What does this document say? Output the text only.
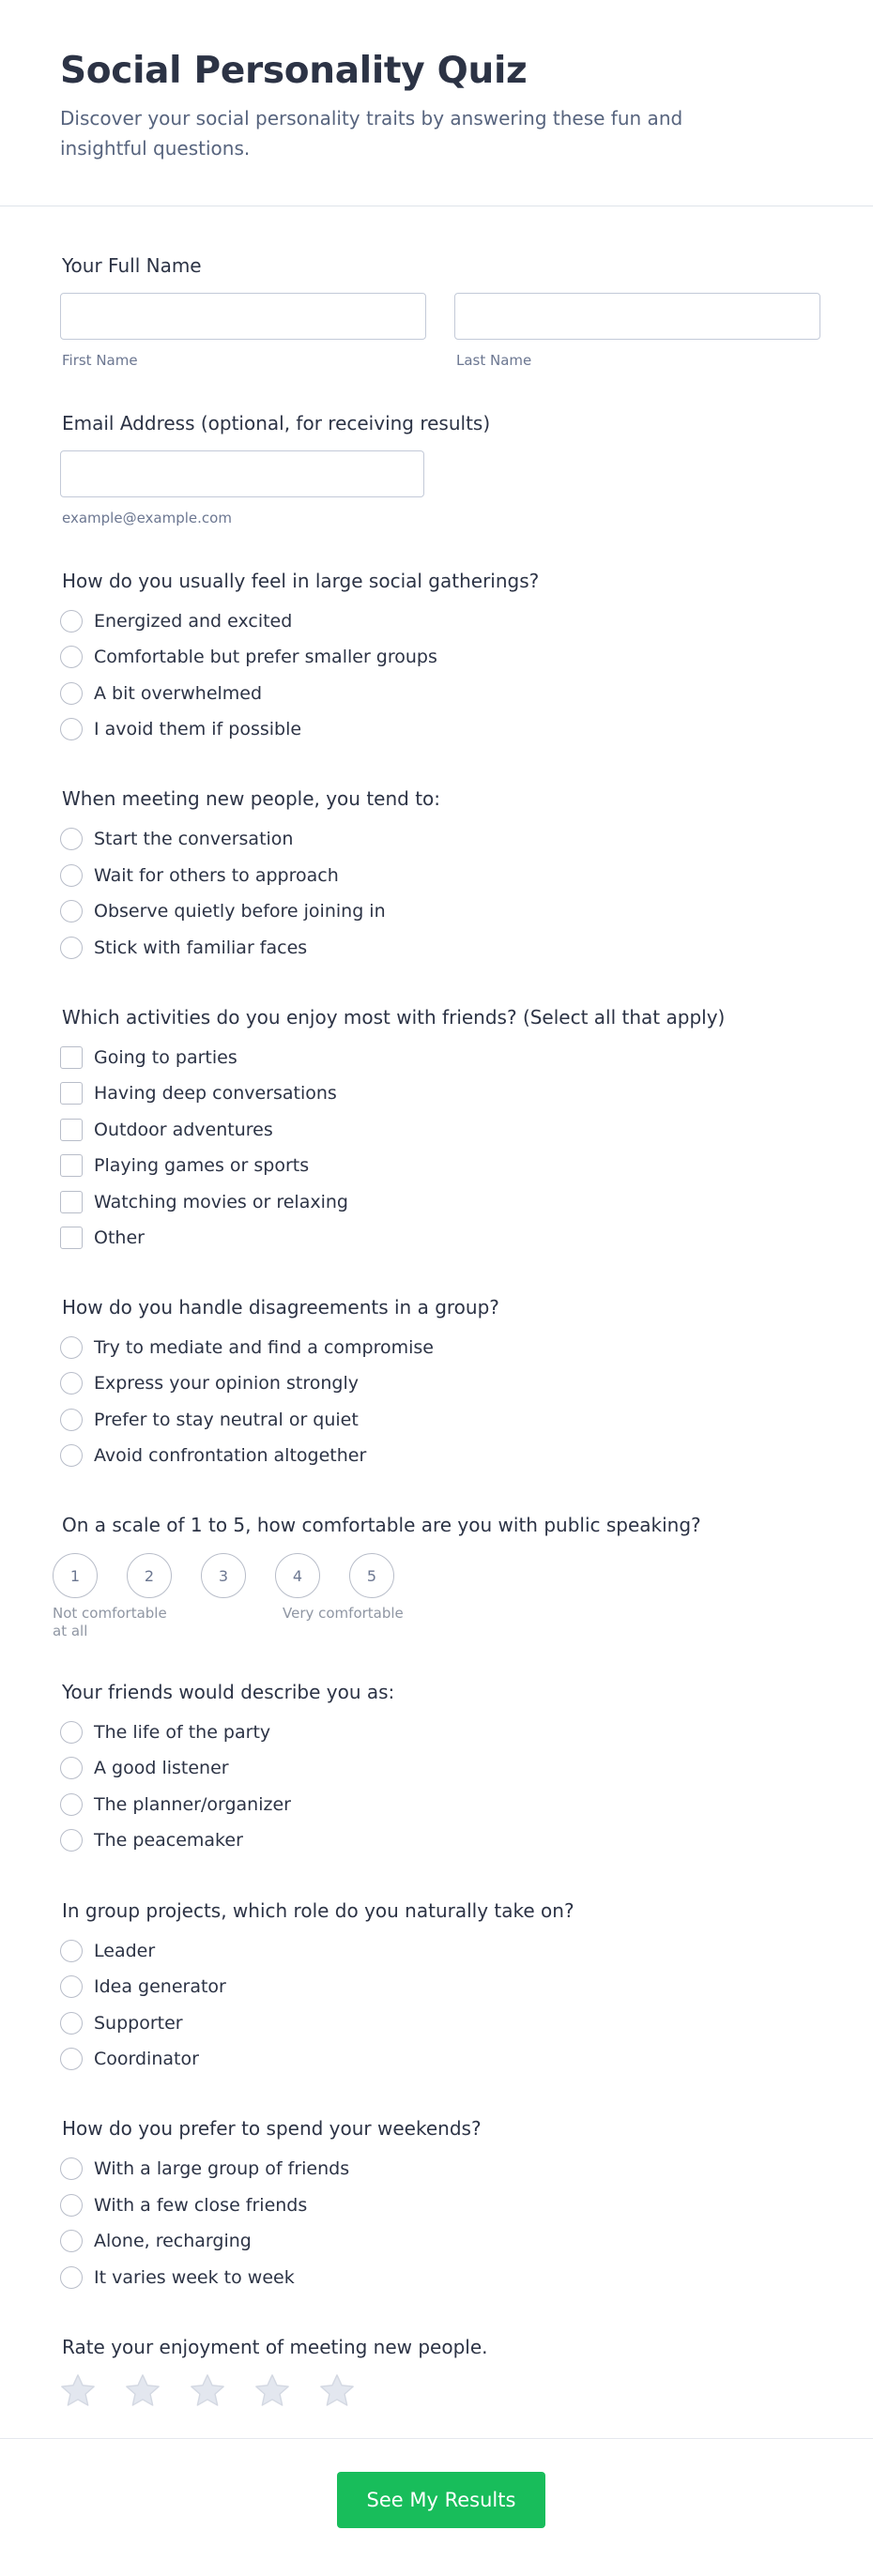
Social Personality Quiz

Discover your social personality traits by answering these fun and insightful questions.

Your Full Name
First Name	Last Name
Email Address (optional, for receiving results)
example@example.com
How do you usually feel in large social gatherings?
Energized and excited
Comfortable but prefer smaller groups
A bit overwhelmed
I avoid them if possible
When meeting new people, you tend to:
Start the conversation
Wait for others to approach
Observe quietly before joining in
Stick with familiar faces
Which activities do you enjoy most with friends? (Select all that apply)
Going to parties
Having deep conversations
Outdoor adventures
Playing games or sports
Watching movies or relaxing
Other
How do you handle disagreements in a group?
Try to mediate and find a compromise
Express your opinion strongly
Prefer to stay neutral or quiet
Avoid confrontation altogether
On a scale of 1 to 5, how comfortable are you with public speaking?
1	2	3	4	5
Not comfortable at all
Very comfortable
Your friends would describe you as:
The life of the party
A good listener
The planner/organizer
The peacemaker
In group projects, which role do you naturally take on?
Leader
Idea generator
Supporter
Coordinator
How do you prefer to spend your weekends?
With a large group of friends
With a few close friends
Alone, recharging
It varies week to week
Rate your enjoyment of meeting new people.
See My Results
